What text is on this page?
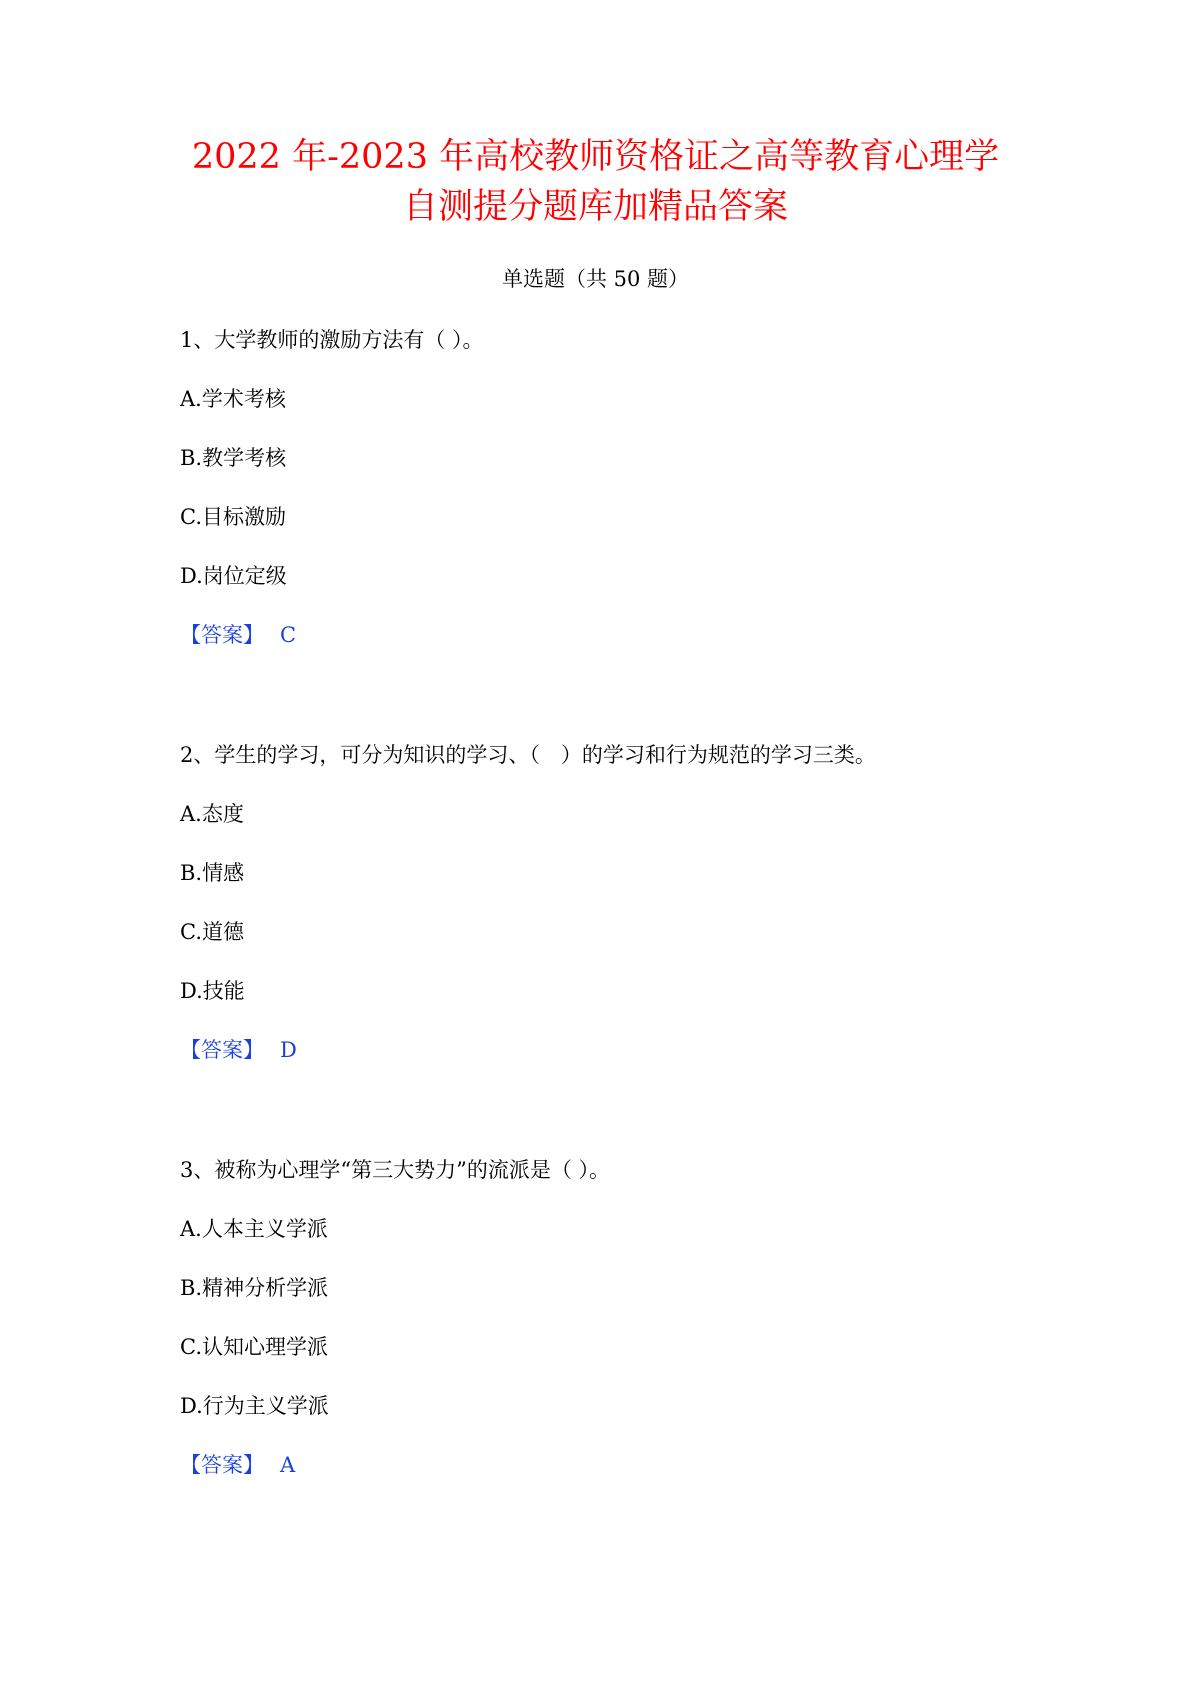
2022 年-2023 年高校教师资格证之高等教育心理学
自测提分题库加精品答案
单选题（共 50 题）
1、大学教师的激励方法有（ ）。
A.学术考核
B.教学考核
C.目标激励
D.岗位定级
【答案】 C
2、学生的学习，可分为知识的学习、（　）的学习和行为规范的学习三类。
A.态度
B.情感
C.道德
D.技能
【答案】 D
3、被称为心理学“第三大势力”的流派是（ ）。
A.人本主义学派
B.精神分析学派
C.认知心理学派
D.行为主义学派
【答案】 A
